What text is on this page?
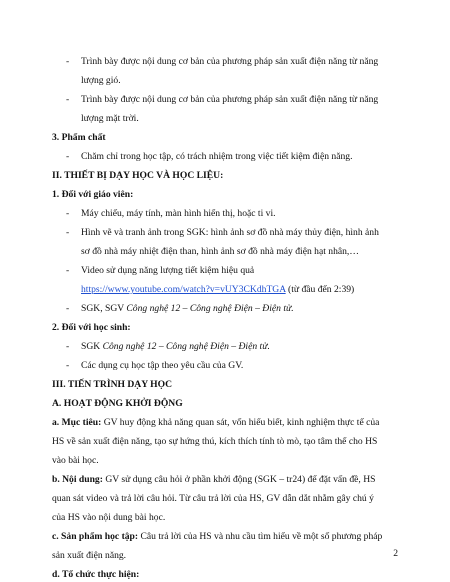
- Trình bày được nội dung cơ bản của phương pháp sản xuất điện năng từ năng
lượng gió.
- Trình bày được nội dung cơ bản của phương pháp sản xuất điện năng từ năng
lượng mặt trời.
3. Phẩm chất
- Chăm chỉ trong học tập, có trách nhiệm trong việc tiết kiệm điện năng.
II. THIẾT BỊ DẠY HỌC VÀ HỌC LIỆU:
1. Đối với giáo viên:
- Máy chiếu, máy tính, màn hình hiển thị, hoặc ti vi.
- Hình vẽ và tranh ảnh trong SGK: hình ảnh sơ đồ nhà máy thủy điện, hình ảnh
sơ đồ nhà máy nhiệt điện than, hình ảnh sơ đồ nhà máy điện hạt nhân,…
- Video sử dụng năng lượng tiết kiệm hiệu quả
https://www.youtube.com/watch?v=vUY3CKdhTGA (từ đầu đến 2:39)
- SGK, SGV Công nghệ 12 – Công nghệ Điện – Điện tử.
2. Đối với học sinh:
- SGK Công nghệ 12 – Công nghệ Điện – Điện tử.
- Các dụng cụ học tập theo yêu cầu của GV.
III. TIẾN TRÌNH DẠY HỌC
A. HOẠT ĐỘNG KHỞI ĐỘNG
a. Mục tiêu: GV huy động khả năng quan sát, vốn hiểu biết, kinh nghiệm thực tế của
HS về sản xuất điện năng, tạo sự hứng thú, kích thích tính tò mò, tạo tâm thế cho HS
vào bài học.
b. Nội dung: GV sử dụng câu hỏi ở phần khởi động (SGK – tr24) để đặt vấn đề, HS
quan sát video và trả lời câu hỏi. Từ câu trả lời của HS, GV dẫn dắt nhằm gây chú ý
của HS vào nội dung bài học.
c. Sản phẩm học tập: Câu trả lời của HS và nhu cầu tìm hiểu về một số phương pháp
sản xuất điện năng.
d. Tổ chức thực hiện:
2
